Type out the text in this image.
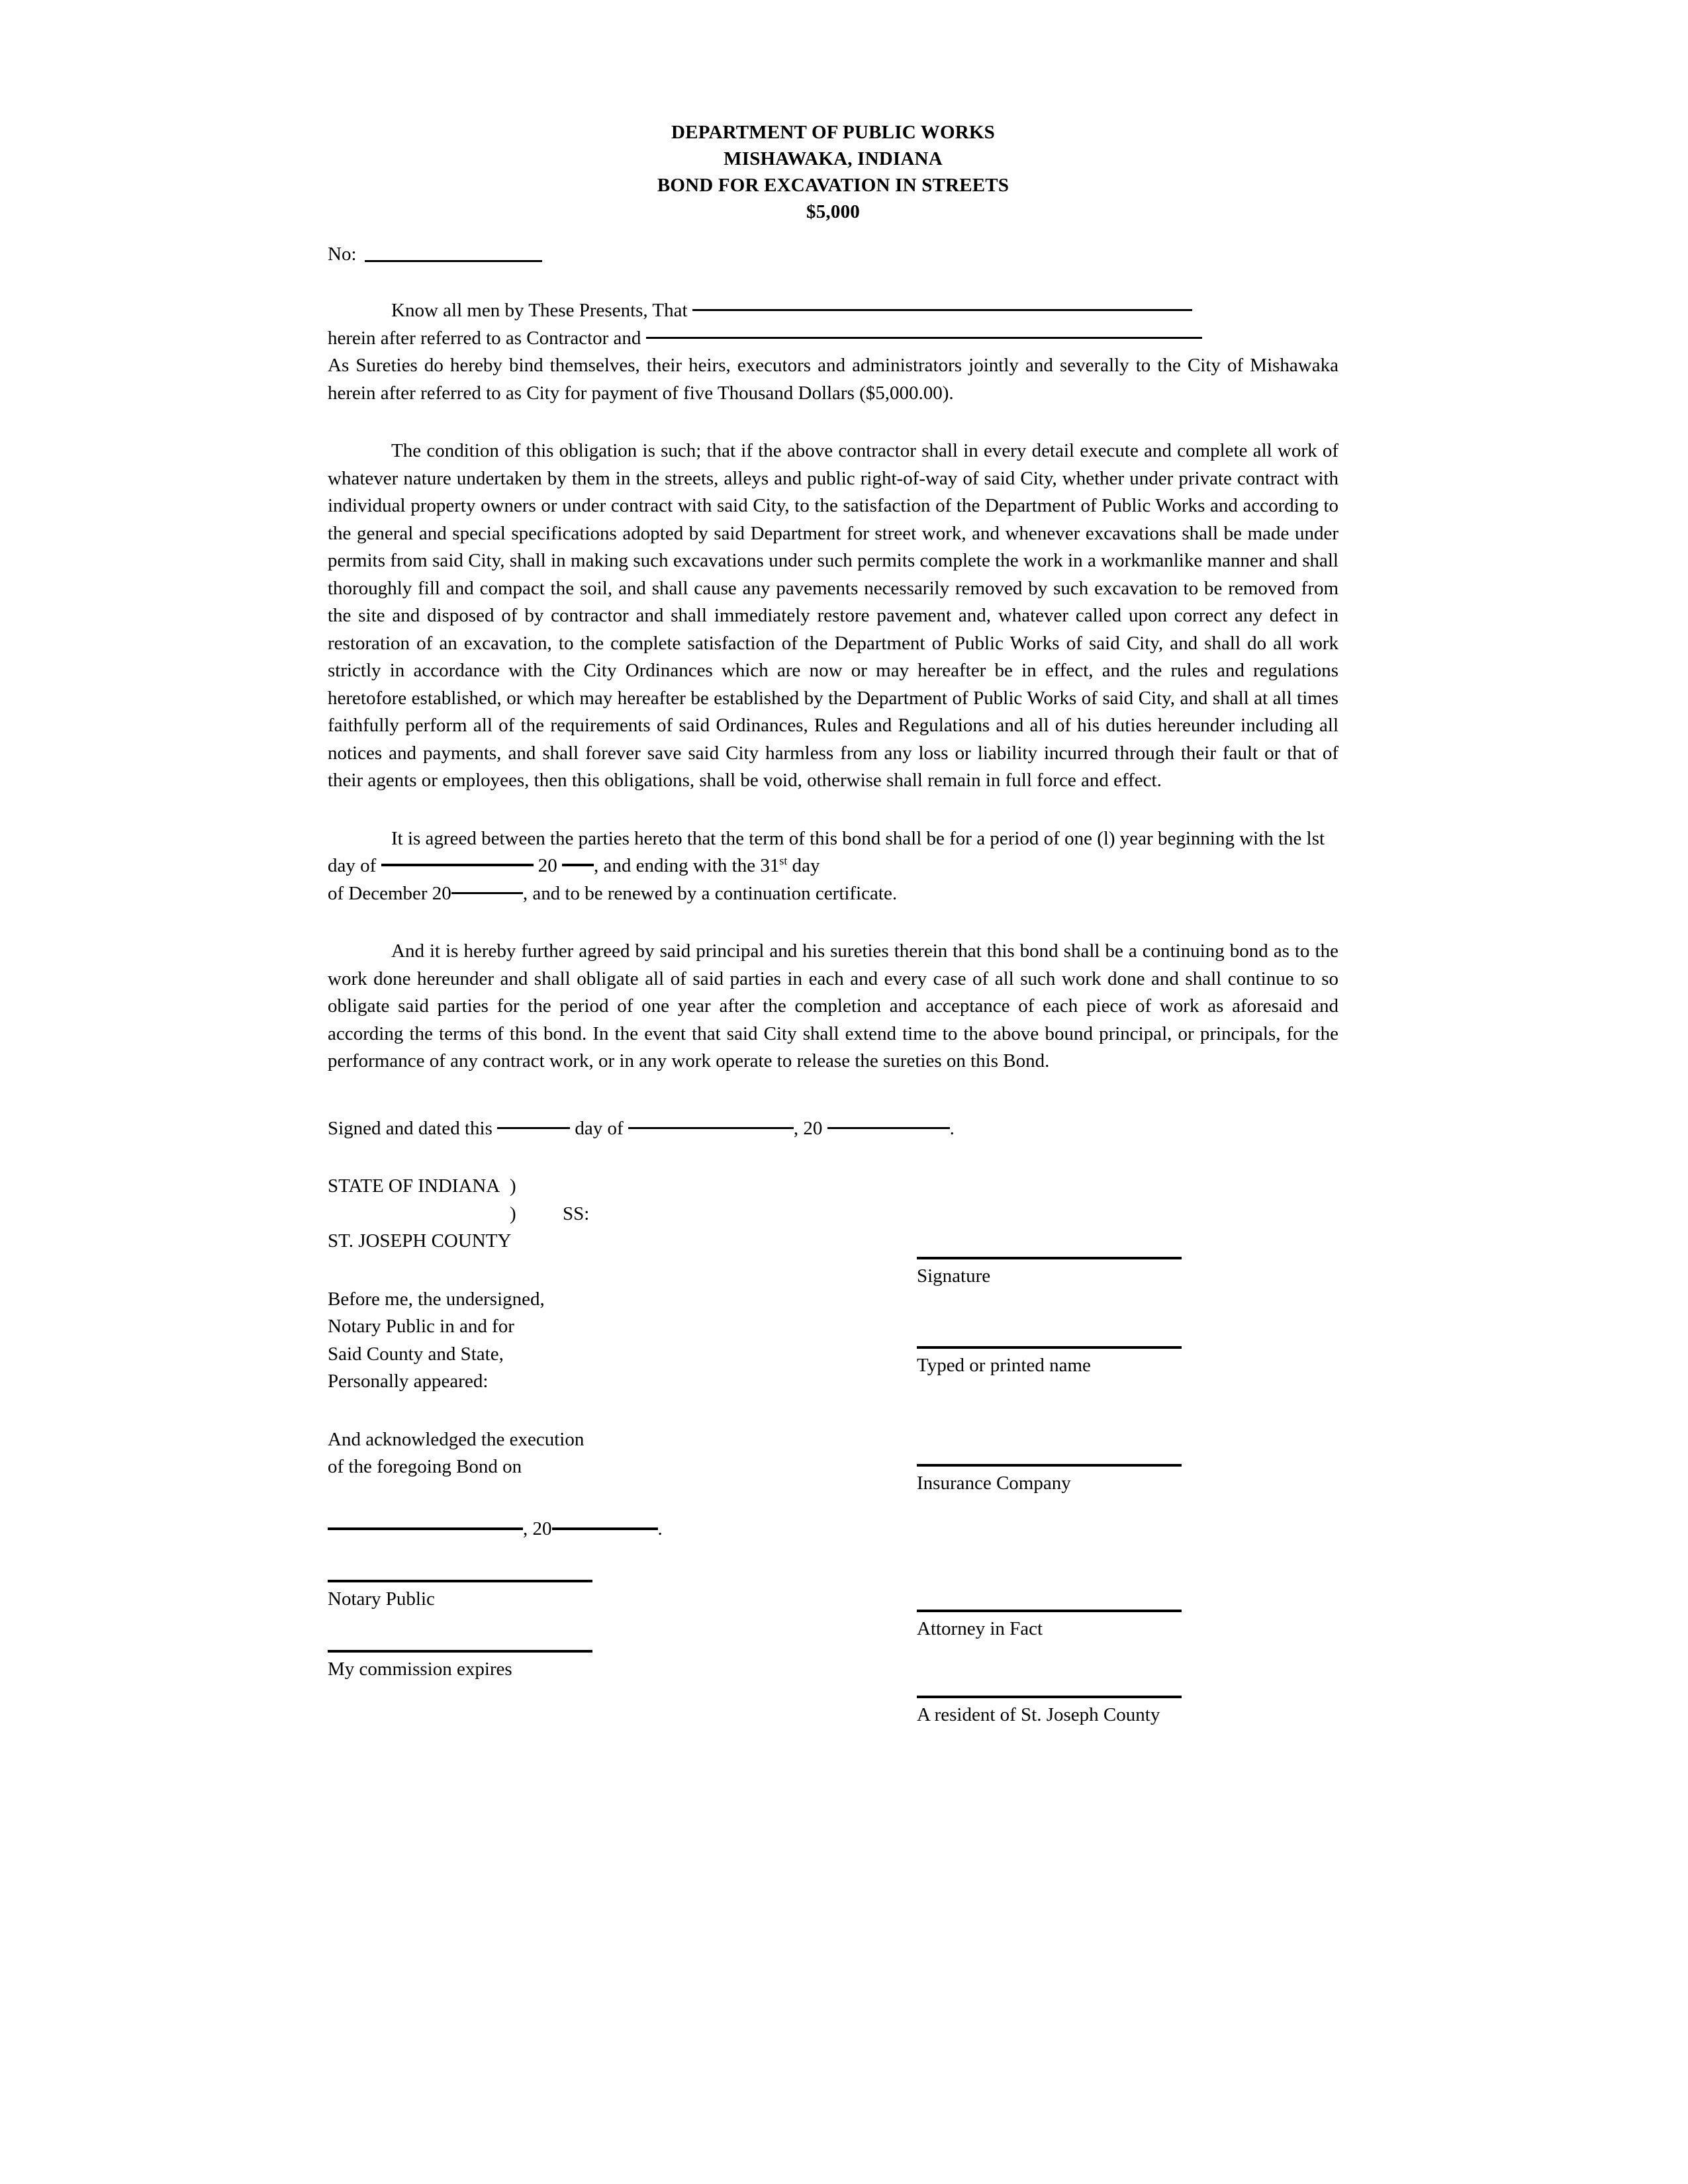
DEPARTMENT OF PUBLIC WORKS
MISHAWAKA, INDIANA
BOND FOR EXCAVATION IN STREETS
$5,000
No:
Know all men by These Presents, That
herein after referred to as Contractor and

As Sureties do hereby bind themselves, their heirs, executors and administrators jointly and severally to the City of Mishawaka herein after referred to as City for payment of five Thousand Dollars ($5,000.00).

The condition of this obligation is such; that if the above contractor shall in every detail execute and complete all work of whatever nature undertaken by them in the streets, alleys and public right-of-way of said City, whether under private contract with individual property owners or under contract with said City, to the satisfaction of the Department of Public Works and according to the general and special specifications adopted by said Department for street work, and whenever excavations shall be made under permits from said City, shall in making such excavations under such permits complete the work in a workmanlike manner and shall thoroughly fill and compact the soil, and shall cause any pavements necessarily removed by such excavation to be removed from the site and disposed of by contractor and shall immediately restore pavement and, whatever called upon correct any defect in restoration of an excavation, to the complete satisfaction of the Department of Public Works of said City, and shall do all work strictly in accordance with the City Ordinances which are now or may hereafter be in effect, and the rules and regulations heretofore established, or which may hereafter be established by the Department of Public Works of said City, and shall at all times faithfully perform all of the requirements of said Ordinances, Rules and Regulations and all of his duties hereunder including all notices and payments, and shall forever save said City harmless from any loss or liability incurred through their fault or that of their agents or employees, then this obligations, shall be void, otherwise shall remain in full force and effect.

It is agreed between the parties hereto that the term of this bond shall be for a period of one (l) year beginning with the lst day of	20 , and ending with the 31st day

of December 20	, and to be renewed by a continuation certificate.

And it is hereby further agreed by said principal and his sureties therein that this bond shall be a continuing bond as to the work done hereunder and shall obligate all of said parties in each and every case of all such work done and shall continue to so obligate said parties for the period of one year after the completion and acceptance of each piece of work as aforesaid and according the terms of this bond. In the event that said City shall extend time to the above bound principal, or principals, for the performance of any contract work, or in any work operate to release the sureties on this Bond.

Signed and dated this	day of	, 20	.
STATE OF INDIANA )
)	SS:
ST. JOSEPH COUNTY
Before me, the undersigned,
Notary Public in and for
Said County and State,
Personally appeared:
And acknowledged the execution
of the foregoing Bond on
, 20	.
Notary Public
My commission expires
Signature
Typed or printed name
Insurance Company
Attorney in Fact
A resident of St. Joseph County
